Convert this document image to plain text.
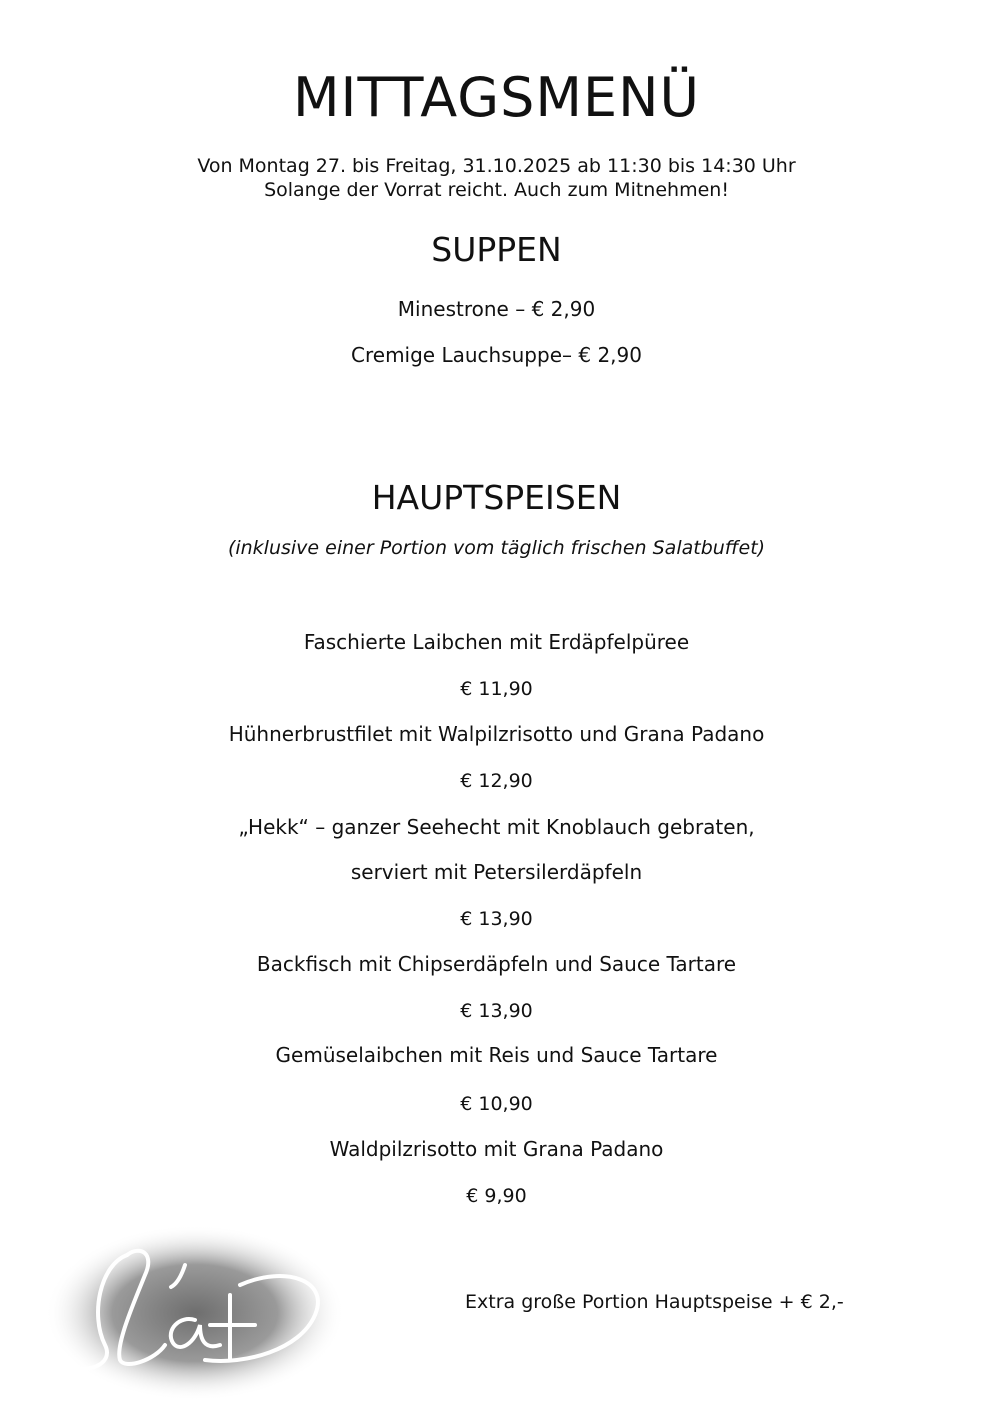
MITTAGSMENÜ
Von Montag 27. bis Freitag, 31.10.2025 ab 11:30 bis 14:30 Uhr
Solange der Vorrat reicht. Auch zum Mitnehmen!
SUPPEN
Minestrone – € 2,90
Cremige Lauchsuppe– € 2,90
HAUPTSPEISEN
(inklusive einer Portion vom täglich frischen Salatbuffet)
Faschierte Laibchen mit Erdäpfelpüree
€ 11,90
Hühnerbrustfilet mit Walpilzrisotto und Grana Padano
€ 12,90
„Hekk“ – ganzer Seehecht mit Knoblauch gebraten,
serviert mit Petersilerdäpfeln
€ 13,90
Backfisch mit Chipserdäpfeln und Sauce Tartare
€ 13,90
Gemüselaibchen mit Reis und Sauce Tartare
€ 10,90
Waldpilzrisotto mit Grana Padano
€ 9,90
Extra große Portion Hauptspeise + € 2,-
